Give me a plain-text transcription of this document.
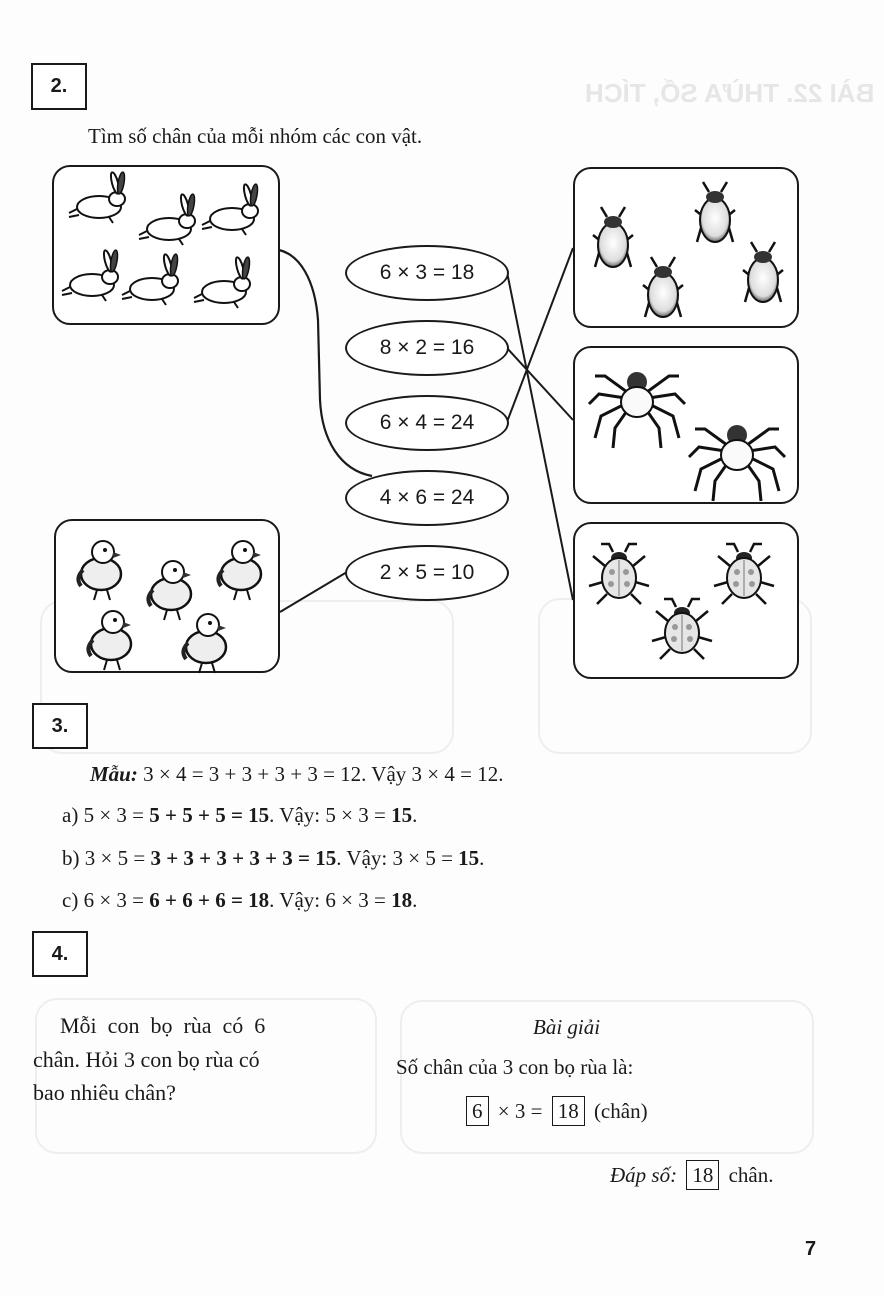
BÀI 22. THỪA SỐ, TÍCH
2.
Tìm số chân của mỗi nhóm các con vật.
6 × 3 = 18
8 × 2 = 16
6 × 4 = 24
4 × 6 = 24
2 × 5 = 10
3.
Mẫu: 3 × 4 = 3 + 3 + 3 + 3 = 12. Vậy 3 × 4 = 12.
a) 5 × 3 = 5 + 5 + 5 = 15. Vậy: 5 × 3 = 15.
b) 3 × 5 = 3 + 3 + 3 + 3 + 3 = 15. Vậy: 3 × 5 = 15.
c) 6 × 3 = 6 + 6 + 6 = 18. Vậy: 6 × 3 = 18.
4.
Mỗi  con  bọ  rùa  có  6
chân. Hỏi 3 con bọ rùa có
bao nhiêu chân?
Bài giải
Số chân của 3 con bọ rùa là:
6 × 3 = 18 (chân)
Đáp số: 18 chân.
7
